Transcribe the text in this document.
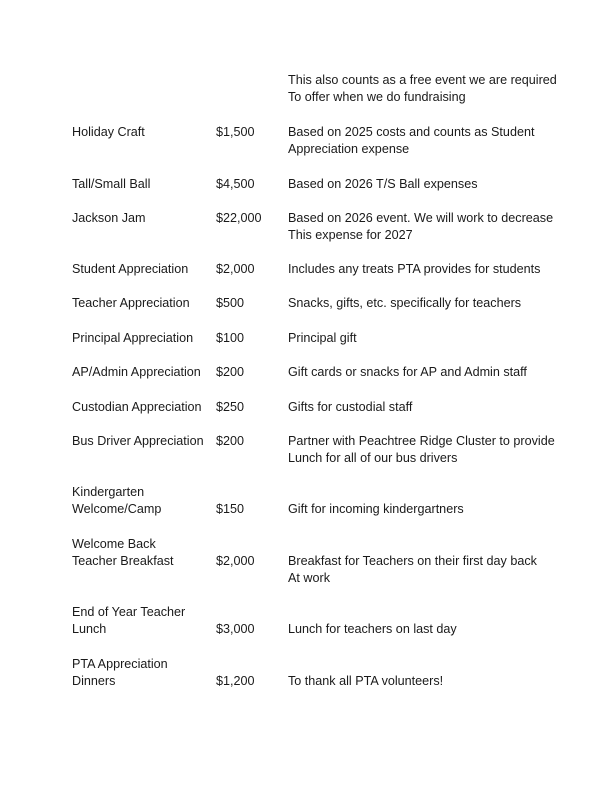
This also counts as a free event we are required
To offer when we do fundraising
Holiday Craft	$1,500	Based on 2025 costs and counts as Student
Appreciation expense
Tall/Small Ball	$4,500	Based on 2026 T/S Ball expenses
Jackson Jam	$22,000	Based on 2026 event. We will work to decrease
This expense for 2027
Student Appreciation	$2,000	Includes any treats PTA provides for students
Teacher Appreciation	$500	Snacks, gifts, etc. specifically for teachers
Principal Appreciation	$100	Principal gift
AP/Admin Appreciation	$200	Gift cards or snacks for AP and Admin staff
Custodian Appreciation	$250	Gifts for custodial staff
Bus Driver Appreciation $200	Partner with Peachtree Ridge Cluster to provide
Lunch for all of our bus drivers
Kindergarten
Welcome/Camp	$150	Gift for incoming kindergartners
Welcome Back
Teacher Breakfast	$2,000	Breakfast for Teachers on their first day back
At work
End of Year Teacher
Lunch	$3,000	Lunch for teachers on last day
PTA Appreciation
Dinners	$1,200	To thank all PTA volunteers!
